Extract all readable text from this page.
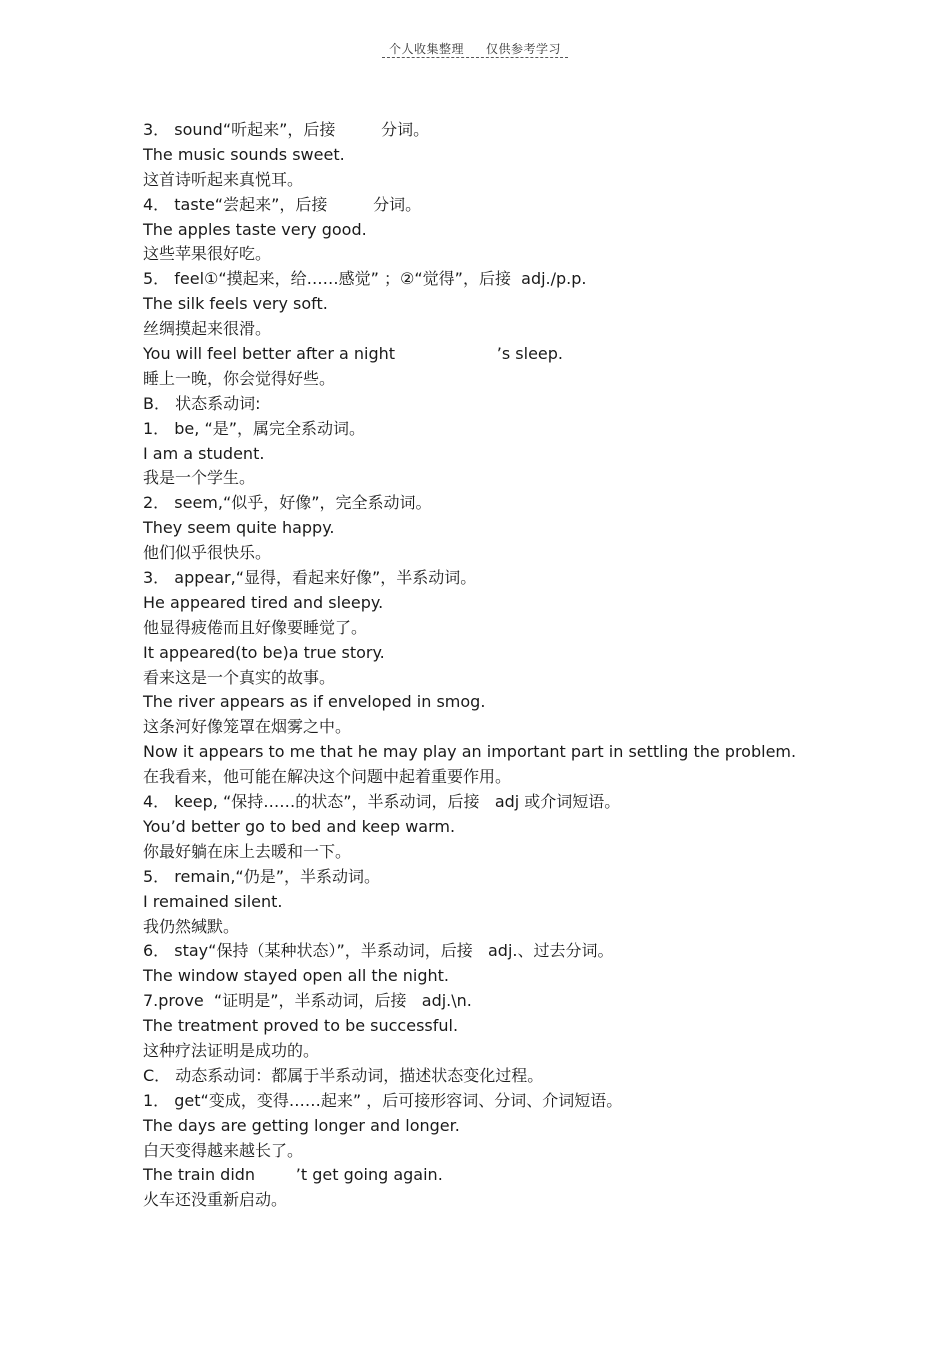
个人收集整理 仅供参考学习
3． sound“听起来”，后接         分词。
The music sounds sweet.
这首诗听起来真悦耳。
4． taste“尝起来”，后接         分词。
The apples taste very good.
这些苹果很好吃。
5． feel①“摸起来，给……感觉” ；②“觉得”，后接  adj./p.p.
The silk feels very soft.
丝绸摸起来很滑。
You will feel better after a night                    ’s sleep.
睡上一晚，你会觉得好些。
B． 状态系动词:
1． be, “是”，属完全系动词。
I am a student.
我是一个学生。
2． seem,“似乎，好像”，完全系动词。
They seem quite happy.
他们似乎很快乐。
3． appear,“显得，看起来好像”，半系动词。
He appeared tired and sleepy.
他显得疲倦而且好像要睡觉了。
It appeared(to be)a true story.
看来这是一个真实的故事。
The river appears as if enveloped in smog.
这条河好像笼罩在烟雾之中。
Now it appears to me that he may play an important part in settling the problem.
在我看来，他可能在解决这个问题中起着重要作用。
4． keep, “保持……的状态”，半系动词，后接   adj 或介词短语。
You’d better go to bed and keep warm.
你最好躺在床上去暖和一下。
5． remain,“仍是”，半系动词。
I remained silent.
我仍然缄默。
6． stay“保持（某种状态）”，半系动词，后接   adj.、过去分词。
The window stayed open all the night.
7.prove  “证明是”，半系动词，后接   adj.\n.
The treatment proved to be successful.
这种疗法证明是成功的。
C． 动态系动词：都属于半系动词，描述状态变化过程。
1． get“变成，变得……起来” ，后可接形容词、分词、介词短语。
The days are getting longer and longer.
白天变得越来越长了。
The train didn        ’t get going again.
火车还没重新启动。
